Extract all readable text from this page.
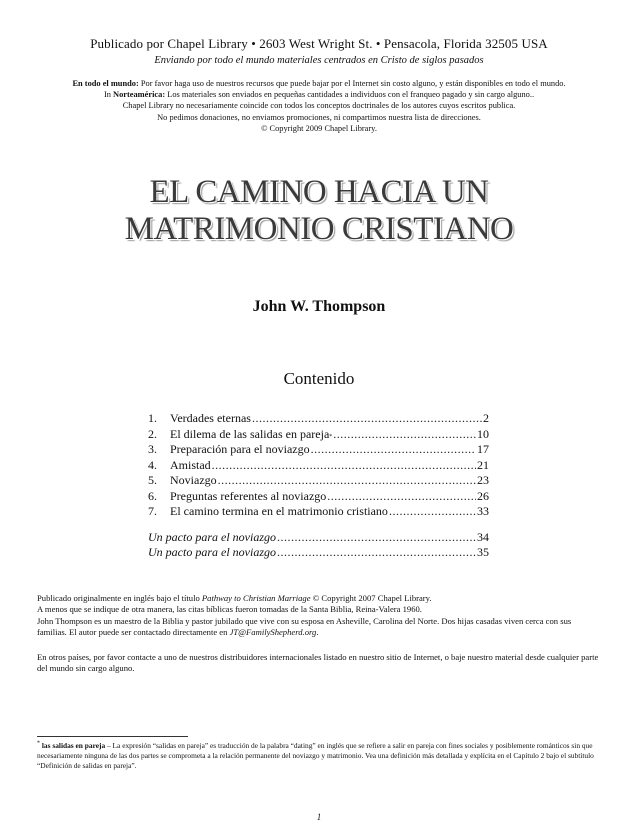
Publicado por Chapel Library • 2603 West Wright St. • Pensacola, Florida 32505 USA
Enviando por todo el mundo materiales centrados en Cristo de siglos pasados
En todo el mundo: Por favor haga uso de nuestros recursos que puede bajar por el Internet sin costo alguno, y están disponibles en todo el mundo.
In Norteamérica: Los materiales son enviados en pequeñas cantidades a individuos con el franqueo pagado y sin cargo alguno..
Chapel Library no necesariamente coincide con todos los conceptos doctrinales de los autores cuyos escritos publica.
No pedimos donaciones, no enviamos promociones, ni compartimos nuestra lista de direcciones.
© Copyright 2009 Chapel Library.
EL CAMINO HACIA UN
MATRIMONIO CRISTIANO
John W. Thompson
Contenido
1.	Verdades eternas .....	2
2.	El dilema de las salidas en pareja * .....	10
3.	Preparación para el noviazgo .....	17
4.	Amistad .....	21
5.	Noviazgo .....	23
6.	Preguntas referentes al noviazgo .....	26
7.	El camino termina en el matrimonio cristiano .....	33
Un pacto para el noviazgo .....	34
Un pacto para el noviazgo .....	35
Publicado originalmente en inglés bajo el título Pathway to Christian Marriage © Copyright 2007 Chapel Library.
A menos que se indique de otra manera, las citas bíblicas fueron tomadas de la Santa Biblia, Reina-Valera 1960.
John Thompson es un maestro de la Biblia y pastor jubilado que vive con su esposa en Asheville, Carolina del Norte. Dos hijas casadas viven cerca con sus familias. El autor puede ser contactado directamente en JT@FamilyShepherd.org.
En otros países, por favor contacte a uno de nuestros distribuidores internacionales listado en nuestro sitio de Internet, o baje nuestro material desde cualquier parte del mundo sin cargo alguno.
* las salidas en pareja – La expresión “salidas en pareja” es traducción de la palabra “dating” en inglés que se refiere a salir en pareja con fines sociales y posiblemente románticos sin que necesariamente ninguna de las dos partes se comprometa a la relación permanente del noviazgo y matrimonio. Vea una definición más detallada y explícita en el Capítulo 2 bajo el subtítulo “Definición de salidas en pareja”.
1
